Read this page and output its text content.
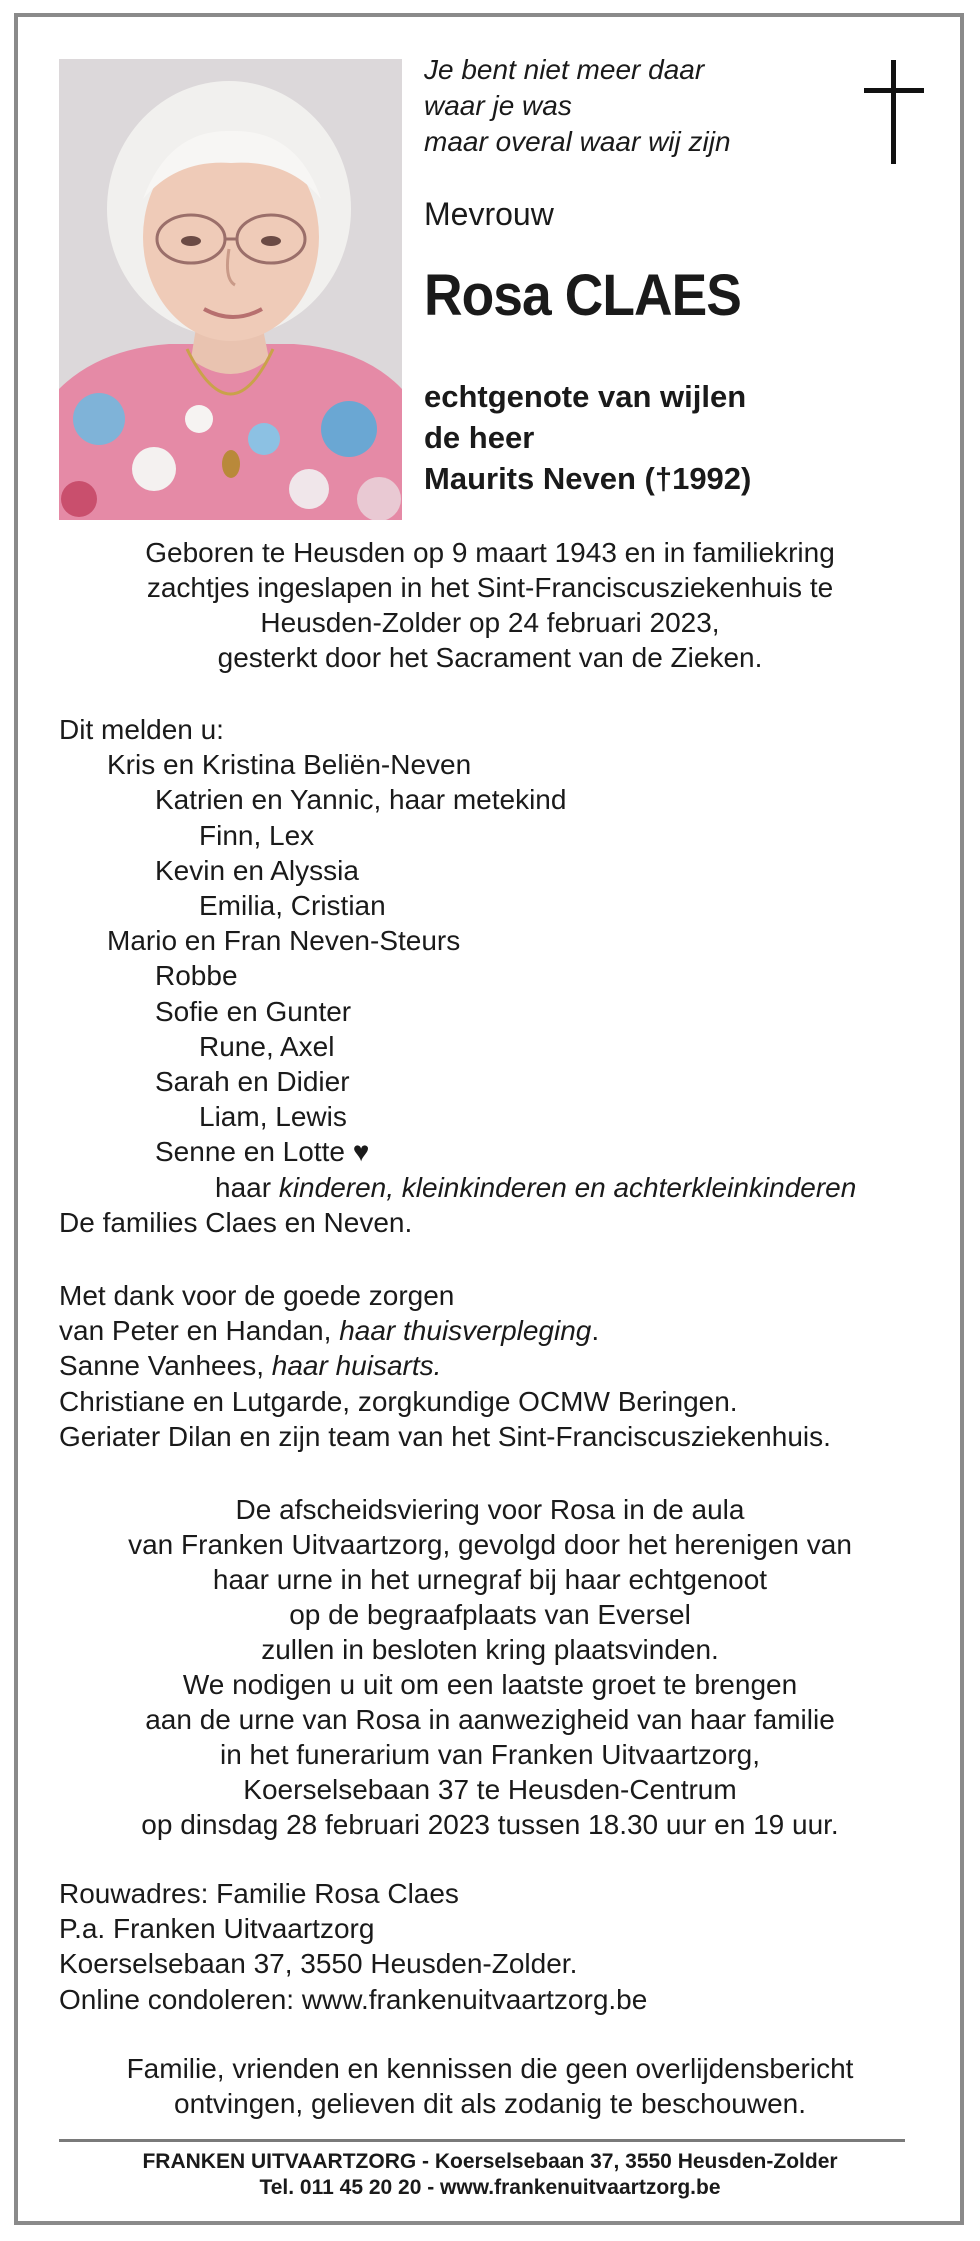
Je bent niet meer daar
waar je was
maar overal waar wij zijn
Mevrouw
Rosa CLAES
echtgenote van wijlen
de heer
Maurits Neven (†1992)
Geboren te Heusden op 9 maart 1943 en in familiekring
zachtjes ingeslapen in het Sint-Franciscusziekenhuis te
Heusden-Zolder op 24 februari 2023,
gesterkt door het Sacrament van de Zieken.
Dit melden u:
Kris en Kristina Beliën-Neven
Katrien en Yannic, haar metekind
Finn, Lex
Kevin en Alyssia
Emilia, Cristian
Mario en Fran Neven-Steurs
Robbe
Sofie en Gunter
Rune, Axel
Sarah en Didier
Liam, Lewis
Senne en Lotte ♥
haar kinderen, kleinkinderen en achterkleinkinderen
De families Claes en Neven.
Met dank voor de goede zorgen
van Peter en Handan, haar thuisverpleging.
Sanne Vanhees, haar huisarts.
Christiane en Lutgarde, zorgkundige OCMW Beringen.
Geriater Dilan en zijn team van het Sint-Franciscusziekenhuis.
De afscheidsviering voor Rosa in de aula
van Franken Uitvaartzorg, gevolgd door het herenigen van
haar urne in het urnegraf bij haar echtgenoot
op de begraafplaats van Eversel
zullen in besloten kring plaatsvinden.
We nodigen u uit om een laatste groet te brengen
aan de urne van Rosa in aanwezigheid van haar familie
in het funerarium van Franken Uitvaartzorg,
Koerselsebaan 37 te Heusden-Centrum
op dinsdag 28 februari 2023 tussen 18.30 uur en 19 uur.
Rouwadres: Familie Rosa Claes
P.a. Franken Uitvaartzorg
Koerselsebaan 37, 3550 Heusden-Zolder.
Online condoleren: www.frankenuitvaartzorg.be
Familie, vrienden en kennissen die geen overlijdensbericht
ontvingen, gelieven dit als zodanig te beschouwen.
FRANKEN UITVAARTZORG - Koerselsebaan 37, 3550 Heusden-Zolder
Tel. 011 45 20 20 - www.frankenuitvaartzorg.be
